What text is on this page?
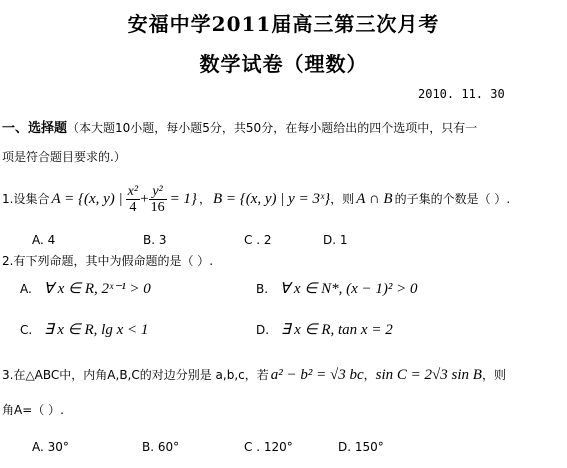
安福中学2011届高三第三次月考
数学试卷（理数）
2010. 11. 30
一、选择题（本大题10小题，每小题5分，共50分，在每小题给出的四个选项中，只有一
项是符合题目要求的.）
1. 设集合 A = {(x, y) | $\frac{\text{x²}}{4} + \frac{\text{y²}}{16} = 1$} ， B = {(x, y) | y = 3ˣ} ，则 A ∩ B 的子集的个数是（ ）.
A. 4	B. 3	C . 2	D. 1
2.有下列命题，其中为假命题的是（ ）.
A. ∀ x ∈ R, 2ˣ⁻¹ > 0	B. ∀ x ∈ N*, (x − 1)² > 0
C. ∃ x ∈ R, lg x < 1	D. ∃ x ∈ R, tan x = 2
3. 在△ABC中，内角A,B,C的对边分别是 a,b,c，若 a² − b² = √3 bc ， sin C = 2√3 sin B ，则
角A=（ ）.
A. 30°	B. 60°	C . 120°	D. 150°
